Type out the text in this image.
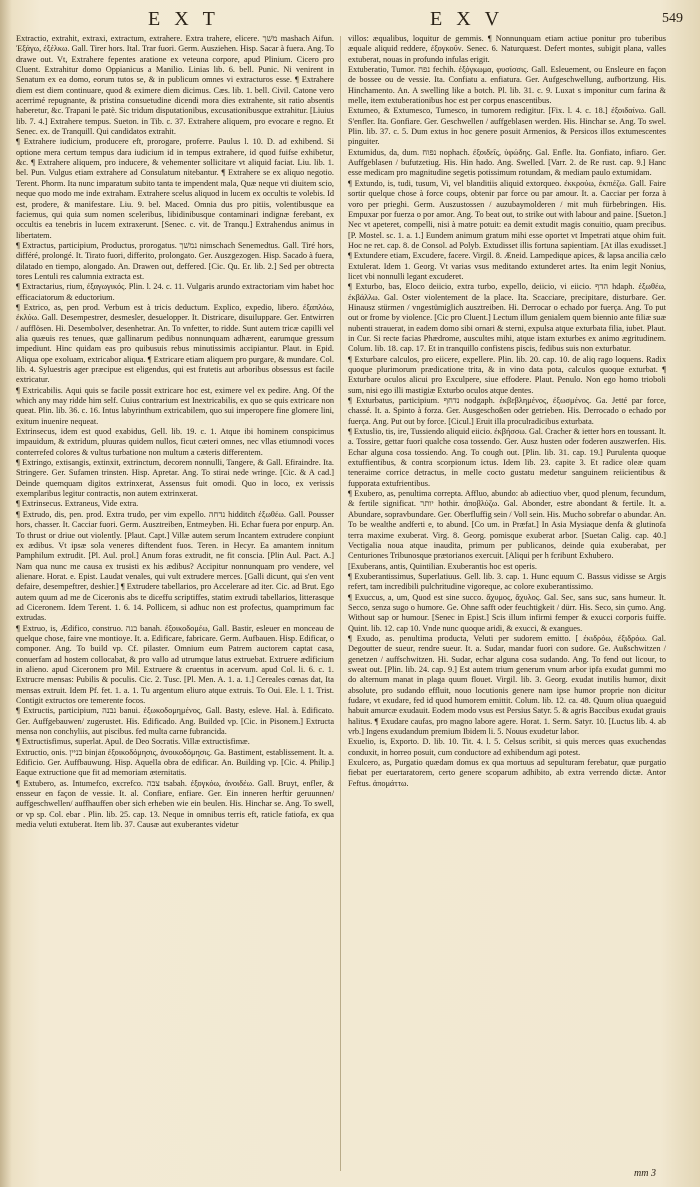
EXT	EXV	549

Extractio, extrahit, extraxi, extractum, extrahere. Extra trahere, elicere. משׁך mashach Aifun. Ἐξάγω, ἐξέλκω. Gall. Tirer hors. Ital. Trar fuori. Germ. Ausziehen. Hisp. Sacar à fuera. Ang. To drawe out. Vt, Extrahere fepentes aratione ex veteuna corpore, apud Plinium. Cicero pro Cluent. Extrahitur domo Oppianicus a Manilio. Linias lib. 6. bell. Punic. Ni venirent in Senatum ex ea domo, eorum tutos se, & in publicum omnes vi extracturos esse. ¶ Extrahere diem est diem continuare, quod & eximere diem dicimus. Cæs. lib. 1. bell. Civil. Catone vero acerrimé repugnante, & pristina consuetudine dicendi mora dies extrahente, sit ratio absentis haberetur, &c. Trapani le patè. Sic tridum disputationibus, excusationibusque extrahitur. [Liuius lib. 7. 4.] Extrahere tempus. Sueton. in Tib. c. 37. Extrahere aliquem, pro evocare e regno. Et Senec. ex. de Tranquill. Qui candidatos extrahit.

¶ Extrahere iudicium, producere eft, prorogare, proferre. Paulus l. 10. D. ad exhibend. Si optione mera certum tempus dara iudicium id in tempus extrahere, id quod fuifse exhibetur, &c. ¶ Extrahere aliquem, pro inducere, & vehementer sollicitare vt aliquid faciat. Liu. lib. 1. bel. Pun. Vulgus etiam extrahere ad Consulatum nitebantur. ¶ Extrahere se ex aliquo negotio. Terent. Phorm. Ita nunc imparatum subito tanta te impendent mala, Quæ neque vti diuitem scio, neque quo modo me inde extraham. Extrahere scelus aliquod in lucem ex occultis te volebis. Id est, prodere, & manifestare. Liu. 9. bel. Maced. Omnia dus pro pitiis, volentibusque ea faciemus, qui quia sum nomen sceleribus, libidinibusque contaminari indignæ ferebant, ex occultis ea tenebris in lucem extraxerunt. [Senec. c. vit. de Tranqu.] Extrahendus animus in libertatem.

¶ Extractus, participium, Productus, prorogatus. נמשׁך nimschach Senemedtus. Gall. Tiré hors, différé, prolongé. It. Tirato fuori, differito, prolongato. Ger. Auszgezogen. Hisp. Sacado à fuera, dilatado en tiempo, alongado. An. Drawen out, deffered. [Cic. Qu. Er. lib. 2.] Sed per obtrecta tores Lentuli res calumnia extracta est.

¶ Extractarius, rium, ἐξαγωγικός. Plin. l. 24. c. 11. Vulgaris arundo extractoriam vim habet hoc efficaciatorum & eductorium.

¶ Extrico, as, pen prod. Verbum est à tricis deductum. Explico, expedio, libero. ἐξαπλόω, ἐκλύω. Gall. Desempestrer, desmesler, desuelopper. It. Districare, disuiluppare. Ger. Entwirren / aufflösen. Hi. Desembolver, desenhetrar. An. To vnfetter, to ridde. Sunt autem tricæ capilli vel alia quæuis res tenues, quæ gallinarum pedibus nonnunquam adhærent, earumque gressum impediunt. Hinc quidam eas pro quibusuis rebus minutissimis accipiantur. Plaut. in Epid. Aliqua ope exoluam, extricabor aliqua. ¶ Extricare etiam aliquem pro purgare, & mundare. Col. lib. 4. Syluestris ager præcipue est eligendus, qui est frutetis aut arboribus obsessus est facile extricatur.

¶ Extricabilis. Aqui quis se facile possit extricare hoc est, eximere vel ex pedire. Ang. Of the which any may ridde him self. Cuius contrarium est Inextricabilis, ex quo se quis extricare non queat. Plin. lib. 36. c. 16. Intus labyrinthum extricabilem, quo sui imperopere fine glomere lini, exitum inuenire nequeat.

Extrinsecus, idem est quod exabidus, Gell. lib. 19. c. 1. Atque ibi hominem conspicimus impauidum, & extridum, pluuras quidem nullos, ficut cæteri omnes, nec vllas etiumnodi voces conterrefed colores & vultus turbatione non multum a cæteris differentem.

¶ Extringo, extisangis, extinxit, extrinctum, decorem nonnulli, Tangere, & Gall. Efiraindre. Ita. Stringere. Ger. Sufamen trinsten. Hisp. Apretar. Ang. To stirai nede wringe. [Cic. & A cad.] Deinde quemquam digitos extrinxerat, Assensus fuit omodi. Quo in loco, ex verissis exemplaribus legitur contractis, non autem extrinxerat.

¶ Extrinsecus. Extraneus, Vide extra.

¶ Extrudo, dis, pen. prod. Extra trudo, per vim expello. נדחה hidditch ἐξωθέω. Gall. Pousser hors, chasser. It. Cacciar fuori. Germ. Ausztreiben, Entmeyben. Hi. Echar fuera por enpurp. An. To thrust or driue out violently. [Plaut. Capt.] Villæ autem serum Incantem extrudere conpiunt ex ædibus. Vt ipsæ sola veneres diftendent fuos. Teren. in Hecyr. Ea amantem innitum Pamphilum extrudit. [Pl. Aul. prol.] Anum foras extrudit, ne fit conscia. [Plin Aul. Pact. A.] Nam qua nunc me causa ex trusisti ex his ædibus? Accipitur nonnunquam pro vendere, vel alienare. Horat. e. Epist. Laudat venales, qui vult extrudere merces. [Galli dicunt, qui s'en vent defaire, desempeftrer, deshier.] ¶ Extrudere tabellarios, pro Accelerare ad iter. Cic. ad Brut. Ego autem quum ad me de Ciceronis abs te diceffu scriptiffes, statim extrudi tabellarios, litterasque ad Ciceronem. Idem Terent. 1. 6. 14. Pollicem, si adhuc non est profectus, quamprimum fac extrudas.

¶ Extruo, is, Ædifico, construo. בנה banah. ἐξοικοδομέω, Gall. Bastir, esleuer en monceau de quelque chose, faire vne montioye. It. a. Edificare, fabricare. Germ. Aufbauen. Hisp. Edificar, o componer. Ang. To build vp. Cf. pilaster. Omnium eum Patrem auctorem captat casa, conuerfam ad hostem collocabat, & pro vallo ad utrumque latus extruebat. Extruere ædificium in alieno. apud Ciceronem pro Mil. Extruere & cruentus in acervum. apud Col. li. 6. c. 1. Extrucre mensas: Pubilis & poculis. Cic. 2. Tusc. [Pl. Men. A. 1. a. 1.] Cereales cœnas dat, Ita mensas extruit. Idem Pf. fet. 1. a. 1. Tu argentum eliuro atque extruis. To Oui. Ele. l. 1. Trist. Contigit extructos ore temerente focos.

¶ Extructis, participium, נבנה banui. ἐξωκοδομημένος, Gall. Basty, esleve. Hal. à. Edificato. Ger. Auffgebauwen/ zugerustet. His. Edificado. Ang. Builded vp. [Cic. in Pisonem.] Extructa mensa non conchyliis, aut piscibus. fed multa carne fubrancida.

¶ Extructisfimus, superlat. Apul. de Deo Socratis. Villæ extructisfimæ.

Extructio, onis. בניין binjan ἐξοικοδόμησις, ἀνοικοδόμησις. Ga. Bastiment, establissement. It. a. Edificio. Ger. Auffbauwung. Hisp. Aquella obra de edificar. An. Building vp. [Cic. 4. Philip.] Eaque extructione que fit ad memoriam æternitatis.

¶ Extubero, as. Intumefco, excrefco. צבה tsabah. ἐξογκόω, ἀνοιδέω. Gall. Bruyt, enfler, & ensseur en façon de vessie. It. al. Confiare, enfiare. Ger. Ein inneren herftir geruunnen/ auffgeschwellen/ auffhauffen ober sich erheben wie ein beulen. His. Hinchar se. Ang. To swell, or vp sp. Col. ebar . Plin. lib. 25. cap. 13. Neque in omnibus terris eft, raticle fatiofa, ex qua media veluti extuberat. Item lib. 37. Causæ aut exuberantes videtur

villos: æqualibus, loquitur de gemmis. ¶ Nonnunquam etiam actiue ponitur pro tuberibus æquale aliquid reddere, ἐξογκοῦν. Senec. 6. Naturquæst. Defert montes, subigit plana, valles extuberat, nouas in profundo infulas erigit.

Extuberatio, Tumor. נפח fechih. ἐξόγκωμα, φυσίσσις. Gall. Esleuement, ou Ensleure en façon de bossee ou de vessie. Ita. Confiatu a. enfiatura. Ger. Aufgeschwellung, aufbortzung. His. Hinchamento. An. A swelling like a botch. Pl. lib. 31. c. 9. Luxat s imponitur cum farina & melle, item extuberationibus hoc est per corpus enascentibus.

Extumeo, & Extumesco, Tumesco, in tumorem redigitur. [Fix. l. 4. c. 18.] ἐξοιδαίνω. Gall. S'enfler. Ita. Gonfiare. Ger. Geschwellen / auffgeblasen werden. His. Hinchar se. Ang. To swel. Plin. lib. 37. c. 5. Dum extus in hoc genere posuit Armenios, & Persicos illos extumescentes pinguiter.

Extumidus, da, dum. נפוח nophach. ἐξοιδεῖς, ὑφώδης. Gal. Enfle. Ita. Gonfiato, infiaro. Ger. Auffgeblasen / bufutzetiug. His. Hin hado. Ang. Swelled. [Varr. 2. de Re rust. cap. 9.] Hanc esse medicam pro magnitudine segetis potissimum rotundam, & mediam paulo extumidam.

¶ Extundo, is, tudi, tusum, Vi, vel blanditiis aliquid extorqueo. ἐκκρούω, ἐκπιέζω. Gall. Faire sortir quelque chose à force coups, obtenir par force ou par amour. It. a. Cacciar per forza à voro per prieghi. Germ. Auszustossen / auzubaymolderen / mit muh fürbebringen. His. Empuxar por fuerza o por amor. Ang. To beat out, to strike out with labour and paine. [Sueton.] Nec vt apeteret, compelli, nisi à matre potuit: ea demit extudit magis conuitio, quam precibus. [P. Mostel. sc. 1. a. 1.] Eundem animum gratum mihi esse oportet vt Impetrati atque ohim fuit. Hoc ne ret. cap. 8. de Consol. ad Polyb. Extudisset illis fortuna sapientiam. [At illas exudisset.] ¶ Extundere etiam, Excudere, facere. Virgil. 8. Æneid. Lampedique apices, & lapsa ancilia cælo Extulerat. Idem 1. Georg. Vt varias vsus meditando extunderet artes. Ita enim legit Nonius, licet vbi nonnulli legant excuderet.

¶ Exturbo, bas, Eloco deiicio, extra turbo, expello, deiicio, vi eiicio. הדף hdaph. ἐξωθέω, ἐκβάλλω. Gal. Oster violentement de la place. Ita. Scacciare, precipitare, disturbare. Ger. Hinausz stürmen / vngestümiglich ausztreiben. Hi. Derrocar o echado por fuerça. Ang. To put out or frome by violence. [Cic pro Cluent.] Lectum illum genialem quem biennio ante filiæ suæ nubenti strauerat, in eadem domo sibi ornari & sterni, expulsa atque exturbata filia, iubet. Plaut. in Cur. Si recte facias Phædrome, auscultes mihi, atque istam exturbes ex animo ægritudinem. Colum. lib. 18. cap. 17. Et in tranquillo confistens piscis, fedibus suis non exturbatur.

¶ Exturbare calculos, pro eiicere, expellere. Plin. lib. 20. cap. 10. de aliq rago loquens. Radix quoque plurimorum prædicatione trita, & in vino data pota, calculos quoque exturbat. ¶ Exturbare oculos alicui pro Exculpere, siue effodere. Plaut. Penulo. Non ego homo trioboli sum, nisi ego illi mastigiæ Exturbo oculos atque dentes.

¶ Exturbatus, participium. נדחף nodgaph. ἐκβεβλημένος, ἐξωσμένος. Ga. Jetté par force, chassé. It. a. Spinto à forza. Ger. Ausgeschoßen oder getrieben. His. Derrocado o echado por fuerça. Ang. Put out by force. [Cicul.] Eruit illa proculradicibus exturbata.

¶ Extuslio, tis, ire, Tussiendo aliquid eiicio. ἐκβήσσω. Gal. Cracher & ietter hors en toussant. It. a. Tossire, gettar fuori qualche cosa tossendo. Ger. Ausz husten oder foderen auszwerfen. His. Echar alguna cosa tossiendo. Ang. To cough out. [Plin. lib. 31. cap. 19.] Purulenta quoque extuffientibus, & contra scorpionum ictus. Idem lib. 23. capite 3. Et radice oleæ quam teneraime corrice detractus, in melle cocto gustatu medetur sanguinem reiicientibus & fupporata extufrientibus.

¶ Exubero, as, penultima correpta. Affluo, abundo: ab adiectiuo vber, quod plenum, fecundum, & fertile significat. יותר hothir. ἀποβλύζω. Gal. Abonder, estre abondant & fertile. It. a. Abundare, sopravbundare. Ger. Oberfluffig sein / Voll sein. His. Mucho sobrefar o abundar. An. To be wealthe andferti e, to abund. [Co um. in Præfat.] In Asia Mysiaque denfa & glutinofa terra maxime exuberat. Virg. 8. Georg. pomisque exuberat arbor. [Suetan Calig. cap. 40.] Vectigalia noua atque inaudita, primum per publicanos, deinde quia exuberabat, per Centuriones Tribunosque prætorianos exercuit. [Aliqui per h fcribunt Exhubero.

[Exuberans, antis, Quintilian. Exuberantis hoc est operis.

¶ Exuberantissimus, Superlatiuus. Gell. lib. 3. cap. 1. Hunc equum C. Bassus vidisse se Argis refert, tam incredibili pulchritudine vigoreque, ac colore exuberantissimo.

¶ Exuccus, a, um, Quod est sine succo. ἄχυμος, ἄχυλος. Gal. Sec, sans suc, sans humeur. It. Secco, senza sugo o humore. Ge. Ohne safft oder feuchtigkeit / dürr. His. Seco, sin çumo. Ang. Without sap or humour. [Senec in Epist.] Scis illum infirmi femper & exucci corporis fuiffe. Quint. lib. 12. cap 10. Vnde nunc quoque aridi, & exucci, & exangues.

¶ Exudo, as. penultima producta, Veluti per sudorem emitto. [ ἐκιδρόω, ἐξιδρόω. Gal. Degoutter de sueur, rendre sueur. It. a. Sudar, mandar fuori con sudore. Ge. Außschwitzen / genetzen / auffschwitzen. Hi. Sudar, echar alguna cosa sudando. Ang. To fend out licour, to sweat out. [Plin. lib. 24. cap. 9.] Est autem trium generum vnum arbor ipfa exudat gummi mo do alternum manat in plaga quum flouet. Virgil. lib. 3. Georg. exudat inutilis humor, dixit absolute, pro sudando effluit, nouo locutionis genere nam ipse humor proprie non dicitur fudare, vt exudare, fed id quod humorem emittit. Colum. lib. 12. ca. 48. Quum oliua quaeguid habuit amurcæ exudauit. Eodem modo vsus est Persius Satyr. 5. & agris Baccibus exudat grauis halitus. ¶ Exudare caufas, pro magno labore agere. Horat. 1. Serm. Satyr. 10. [Luctus lib. 4. ab vrb.] Ingens exudandum premium Ibidem li. 5. Nouus exudetur labor.

Exuelio, is, Exporto. D. lib. 10. Tit. 4. l. 5. Celsus scribit, si quis merces quas exuchendas conduxit, in horreo posuit, cum conductore ad exhibendum agi potest.

Exulcero, as, Purgatio quædam domus ex qua mortuus ad sepulturam ferebatur, quæ purgatio fiebat per euertaratorem, certo genere scoparum adhibito, ab extra verrendo dictæ. Antor Feftus. ἀπομάττω.

mm 3
